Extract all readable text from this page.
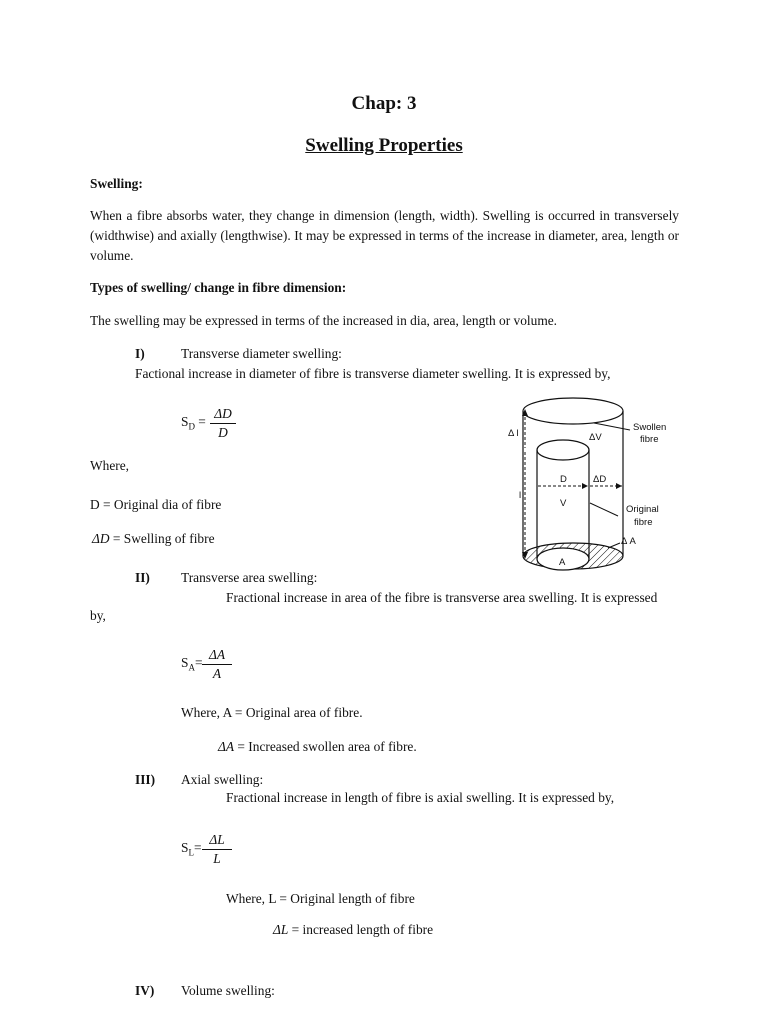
Chap: 3
Swelling Properties
Swelling:
When a fibre absorbs water, they change in dimension (length, width). Swelling is occurred in transversely (widthwise) and axially (lengthwise). It may be expressed in terms of the increase in diameter, area, length or volume.
Types of swelling/ change in fibre dimension:
The swelling may be expressed in terms of the increased in dia, area, length or volume.
I)	Transverse diameter swelling:
Factional increase in diameter of fibre is transverse diameter swelling. It is expressed by,
$S_D = \frac{\Delta D}{D}$
Where,
D = Original dia of fibre
ΔD = Swelling of fibre
II) Transverse area swelling:
Fractional increase in area of the fibre is transverse area swelling. It is expressed
by,
$S_A= \frac{\Delta A}{A}$
Where, A = Original area of fibre.
ΔA = Increased swollen area of fibre.
III) Axial swelling:
Fractional increase in length of fibre is axial swelling. It is expressed by,
$S_L= \frac{\Delta L}{L}$
Where, L = Original length of fibre
ΔL = increased length of fibre
IV) Volume swelling:
Δ l
l
ΔV
Swollen
fibre
D	ΔD
V
Original
fibre
Δ A
A
